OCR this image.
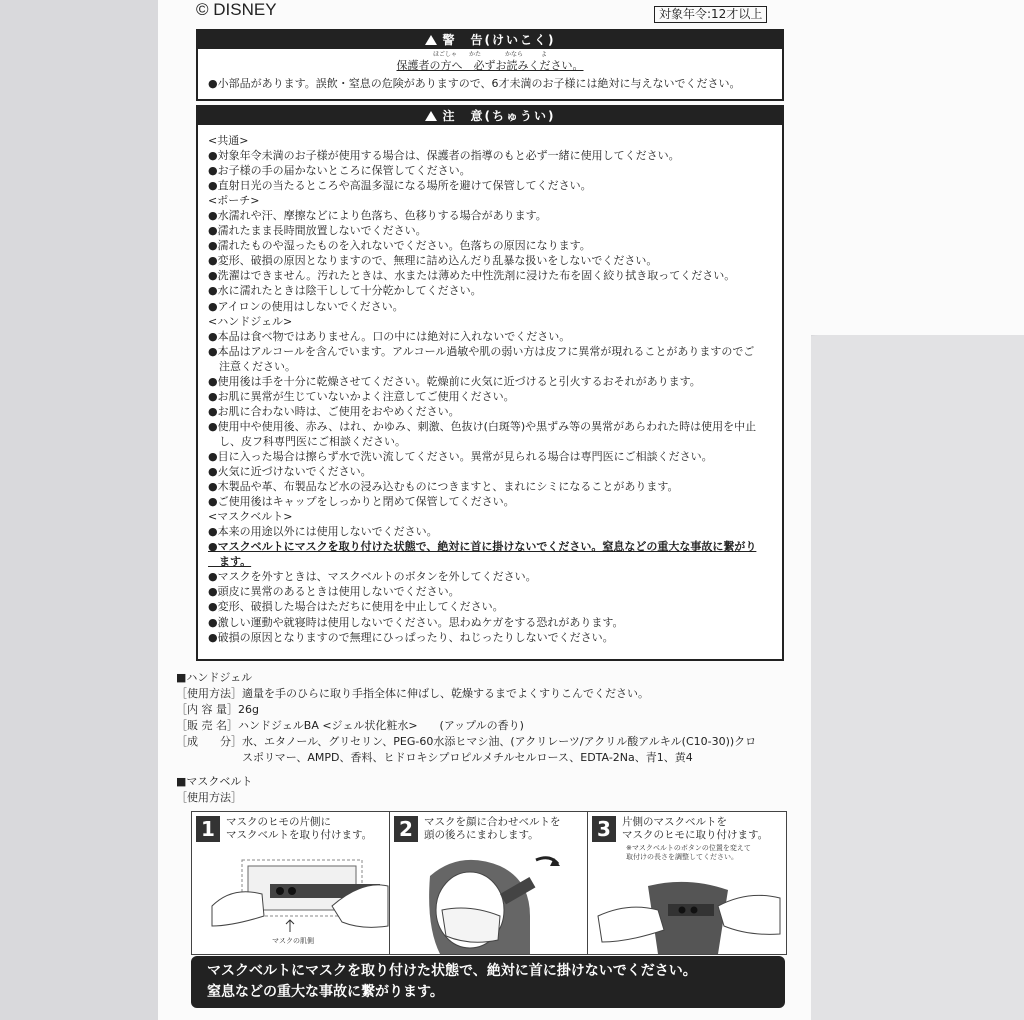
© DISNEY	対象年令:12才以上
警　告(けいこく)
ほごしゃ　　かた　　　　かなら　　　よ
保護者の方へ　必ずお読みください。
●小部品があります。誤飲・窒息の危険がありますので、6才未満のお子様には絶対に与えないでください。
注　意(ちゅうい)
<共通>
●対象年令未満のお子様が使用する場合は、保護者の指導のもと必ず一緒に使用してください。
●お子様の手の届かないところに保管してください。
●直射日光の当たるところや高温多湿になる場所を避けて保管してください。
<ポーチ>
●水濡れや汗、摩擦などにより色落ち、色移りする場合があります。
●濡れたまま長時間放置しないでください。
●濡れたものや湿ったものを入れないでください。色落ちの原因になります。
●変形、破損の原因となりますので、無理に詰め込んだり乱暴な扱いをしないでください。
●洗濯はできません。汚れたときは、水または薄めた中性洗剤に浸けた布を固く絞り拭き取ってください。
●水に濡れたときは陰干しして十分乾かしてください。
●アイロンの使用はしないでください。
<ハンドジェル>
●本品は食べ物ではありません。口の中には絶対に入れないでください。
●本品はアルコールを含んでいます。アルコール過敏や肌の弱い方は皮フに異常が現れることがありますのでご
　注意ください。
●使用後は手を十分に乾燥させてください。乾燥前に火気に近づけると引火するおそれがあります。
●お肌に異常が生じていないかよく注意してご使用ください。
●お肌に合わない時は、ご使用をおやめください。
●使用中や使用後、赤み、はれ、かゆみ、刺激、色抜け(白斑等)や黒ずみ等の異常があらわれた時は使用を中止
　し、皮フ科専門医にご相談ください。
●目に入った場合は擦らず水で洗い流してください。異常が見られる場合は専門医にご相談ください。
●火気に近づけないでください。
●木製品や革、布製品など水の浸み込むものにつきますと、まれにシミになることがあります。
●ご使用後はキャップをしっかりと閉めて保管してください。
<マスクベルト>
●本来の用途以外には使用しないでください。
●マスクベルトにマスクを取り付けた状態で、絶対に首に掛けないでください。窒息などの重大な事故に繋がり
　ます。
●マスクを外すときは、マスクベルトのボタンを外してください。
●頭皮に異常のあるときは使用しないでください。
●変形、破損した場合はただちに使用を中止してください。
●激しい運動や就寝時は使用しないでください。思わぬケガをする恐れがあります。
●破損の原因となりますので無理にひっぱったり、ねじったりしないでください。
■ハンドジェル
［使用方法］適量を手のひらに取り手指全体に伸ばし、乾燥するまでよくすりこんでください。
［内 容 量］26g
［販 売 名］ハンドジェルBA <ジェル状化粧水>　　(アップルの香り)
［成　　分］水、エタノール、グリセリン、PEG-60水添ヒマシ油、(アクリレーツ/アクリル酸アルキル(C10-30))クロ
　　　　　　スポリマー、AMPD、香料、ヒドロキシプロピルメチルセルロース、EDTA-2Na、青1、黄4
■マスクベルト
［使用方法］
1	マスクのヒモの片側に
マスクベルトを取り付けます。
マスクの肌側
2	マスクを顔に合わせベルトを
頭の後ろにまわします。	3	片側のマスクベルトを
マスクのヒモに取り付けます。
※マスクベルトのボタンの位置を変えて
取付けの長さを調整してください。
マスクベルトにマスクを取り付けた状態で、絶対に首に掛けないでください。
窒息などの重大な事故に繋がります。
